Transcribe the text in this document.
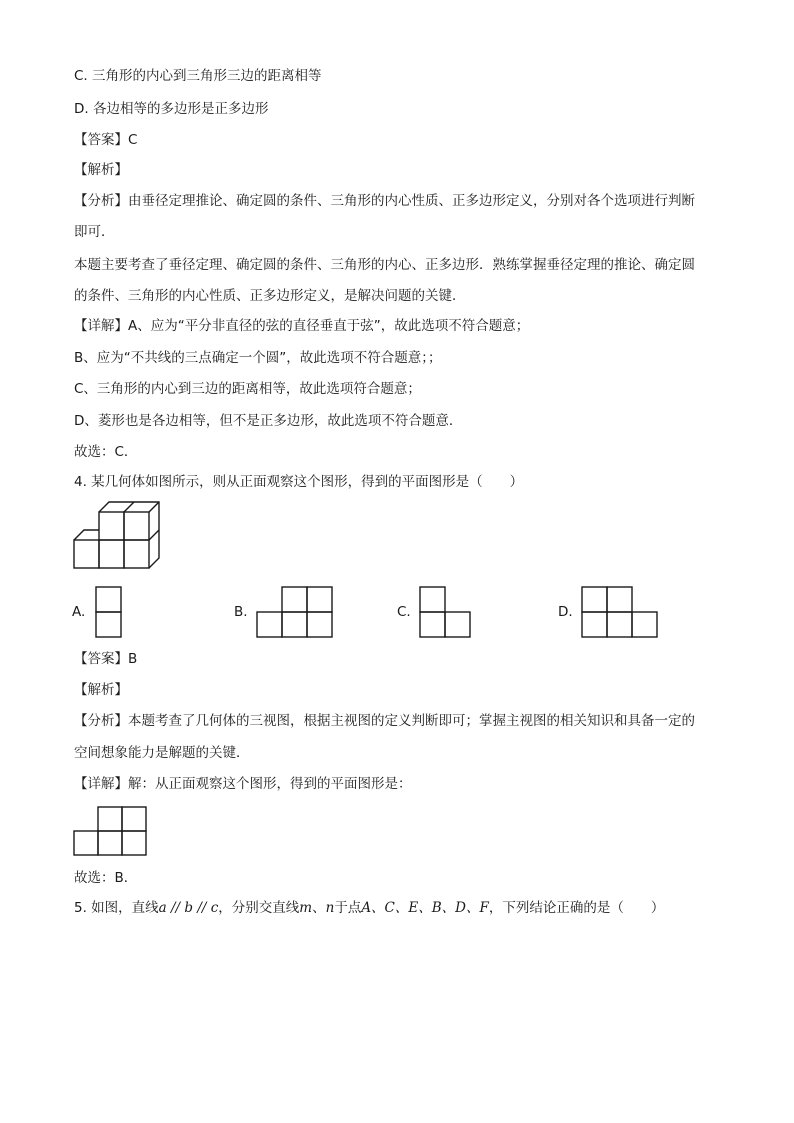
C. 三角形的内心到三角形三边的距离相等
D. 各边相等的多边形是正多边形
【答案】C
【解析】
【分析】由垂径定理推论、确定圆的条件、三角形的内心性质、正多边形定义，分别对各个选项进行判断
即可．
本题主要考查了垂径定理、确定圆的条件、三角形的内心、正多边形．熟练掌握垂径定理的推论、确定圆
的条件、三角形的内心性质、正多边形定义，是解决问题的关键．
【详解】A、应为“平分非直径的弦的直径垂直于弦”，故此选项不符合题意；
B、应为“不共线的三点确定一个圆”，故此选项不符合题意；；
C、三角形的内心到三边的距离相等，故此选项符合题意；
D、菱形也是各边相等，但不是正多边形，故此选项不符合题意．
故选：C．
4. 某几何体如图所示，则从正面观察这个图形，得到的平面图形是（　　）
A.	B.	C.	D.
【答案】B
【解析】
【分析】本题考查了几何体的三视图，根据主视图的定义判断即可；掌握主视图的相关知识和具备一定的
空间想象能力是解题的关键．
【详解】解：从正面观察这个图形，得到的平面图形是：
故选：B．
5. 如图，直线a // b // c，分别交直线m、n于点A、C、E、B、D、F，下列结论正确的是（　　）
